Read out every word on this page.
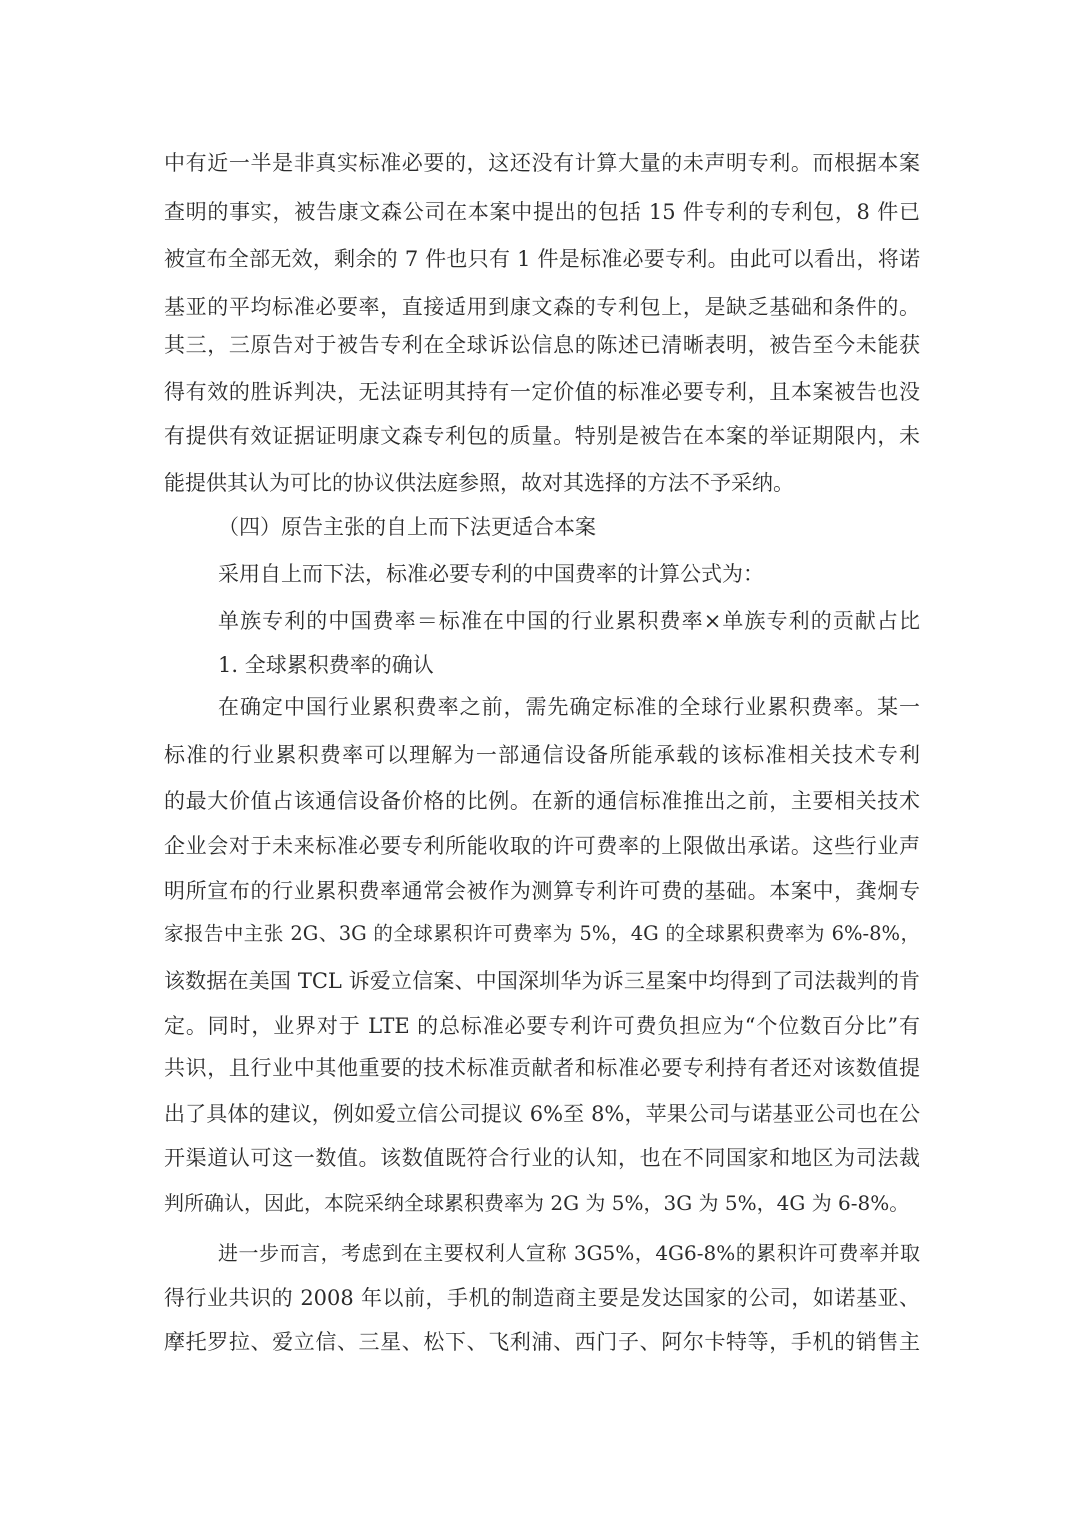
中有近一半是非真实标准必要的，这还没有计算大量的未声明专利。而根据本案
查明的事实，被告康文森公司在本案中提出的包括 15 件专利的专利包，8 件已
被宣布全部无效，剩余的 7 件也只有 1 件是标准必要专利。由此可以看出，将诺
基亚的平均标准必要率，直接适用到康文森的专利包上，是缺乏基础和条件的。
其三，三原告对于被告专利在全球诉讼信息的陈述已清晰表明，被告至今未能获
得有效的胜诉判决，无法证明其持有一定价值的标准必要专利，且本案被告也没
有提供有效证据证明康文森专利包的质量。特别是被告在本案的举证期限内，未
能提供其认为可比的协议供法庭参照，故对其选择的方法不予采纳。
（四）原告主张的自上而下法更适合本案
采用自上而下法，标准必要专利的中国费率的计算公式为：
单族专利的中国费率＝标准在中国的行业累积费率×单族专利的贡献占比
1. 全球累积费率的确认
在确定中国行业累积费率之前，需先确定标准的全球行业累积费率。某一
标准的行业累积费率可以理解为一部通信设备所能承载的该标准相关技术专利
的最大价值占该通信设备价格的比例。在新的通信标准推出之前，主要相关技术
企业会对于未来标准必要专利所能收取的许可费率的上限做出承诺。这些行业声
明所宣布的行业累积费率通常会被作为测算专利许可费的基础。本案中，龚炯专
家报告中主张 2G、3G 的全球累积许可费率为 5%，4G 的全球累积费率为 6%-8%，
该数据在美国 TCL 诉爱立信案、中国深圳华为诉三星案中均得到了司法裁判的肯
定。同时，业界对于 LTE 的总标准必要专利许可费负担应为“个位数百分比”有
共识，且行业中其他重要的技术标准贡献者和标准必要专利持有者还对该数值提
出了具体的建议，例如爱立信公司提议 6%至 8%，苹果公司与诺基亚公司也在公
开渠道认可这一数值。该数值既符合行业的认知，也在不同国家和地区为司法裁
判所确认，因此，本院采纳全球累积费率为 2G 为 5%，3G 为 5%，4G 为 6-8%。
进一步而言，考虑到在主要权利人宣称 3G5%，4G6-8%的累积许可费率并取
得行业共识的 2008 年以前，手机的制造商主要是发达国家的公司，如诺基亚、
摩托罗拉、爱立信、三星、松下、飞利浦、西门子、阿尔卡特等，手机的销售主
